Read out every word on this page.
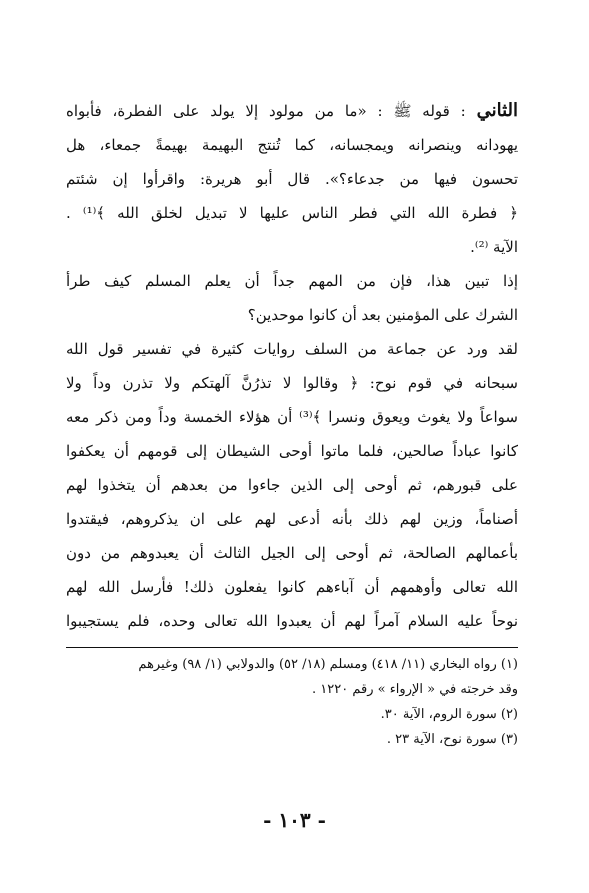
الثاني : قوله ﷺ : «ما من مولود إلا يولد على الفطرة، فأبواه
يهودانه وينصرانه ويمجسانه، كما تُنتج البهيمة بهيمةً جمعاء، هل
تحسون فيها من جدعاء؟». قال أبو هريرة: واقرأوا إن شئتم
﴿ فطرة الله التي فطر الناس عليها لا تبديل لخلق الله ﴾⁽¹⁾ .
الآية ⁽²⁾.
إذا تبين هذا، فإن من المهم جداً أن يعلم المسلم كيف طرأ
الشرك على المؤمنين بعد أن كانوا موحدين؟
لقد ورد عن جماعة من السلف روايات كثيرة في تفسير قول الله
سبحانه في قوم نوح: ﴿ وقالوا لا تذرُنَّ آلهتكم ولا تذرن وداً ولا
سواعاً ولا يغوث ويعوق ونسرا ﴾⁽³⁾ أن هؤلاء الخمسة وداً ومن ذكر معه
كانوا عباداً صالحين، فلما ماتوا أوحى الشيطان إلى قومهم أن يعكفوا
على قبورهم، ثم أوحى إلى الذين جاءوا من بعدهم أن يتخذوا لهم
أصناماً، وزين لهم ذلك بأنه أدعى لهم على ان يذكروهم، فيقتدوا
بأعمالهم الصالحة، ثم أوحى إلى الجيل الثالث أن يعبدوهم من دون
الله تعالى وأوهمهم أن آباءهم كانوا يفعلون ذلك! فأرسل الله لهم
نوحاً عليه السلام آمراً لهم أن يعبدوا الله تعالى وحده، فلم يستجيبوا
(١) رواه البخاري (١١/ ٤١٨) ومسلم (١٨/ ٥٢) والدولابي (١/ ٩٨) وغيرهم
وقد خرجته في « الإرواء » رقم ١٢٢٠ .
(٢) سورة الروم، الآية ٣٠.
(٣) سورة نوح، الآية ٢٣ .
- ١٠٣ -
